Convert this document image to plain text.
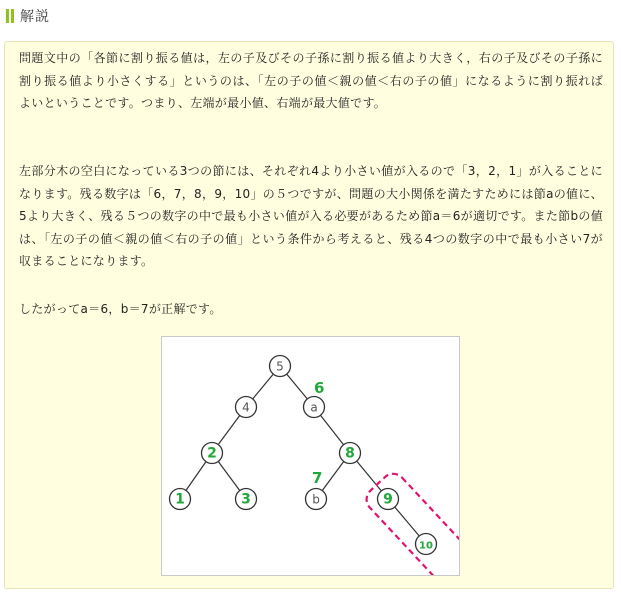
解説

問題文中の「各節に割り振る値は，左の子及びその子孫に割り振る値より大きく，右の子及びその子孫に割り振る値より小さくする」というのは、「左の子の値＜親の値＜右の子の値」になるように割り振ればよいということです。つまり、左端が最小値、右端が最大値です。

左部分木の空白になっている3つの節には、それぞれ4より小さい値が入るので「3，2，1」が入ることになります。残る数字は「6，7，8，9，10」の５つですが、問題の大小関係を満たすためには節aの値に、5より大きく、残る５つの数字の中で最も小さい値が入る必要があるため節a＝6が適切です。また節bの値は、「左の子の値＜親の値＜右の子の値」という条件から考えると、残る4つの数字の中で最も小さい7が収まることになります。

したがってa＝6，b＝7が正解です。

5
4	a
2	8
1	3	b	9
10
6
7
